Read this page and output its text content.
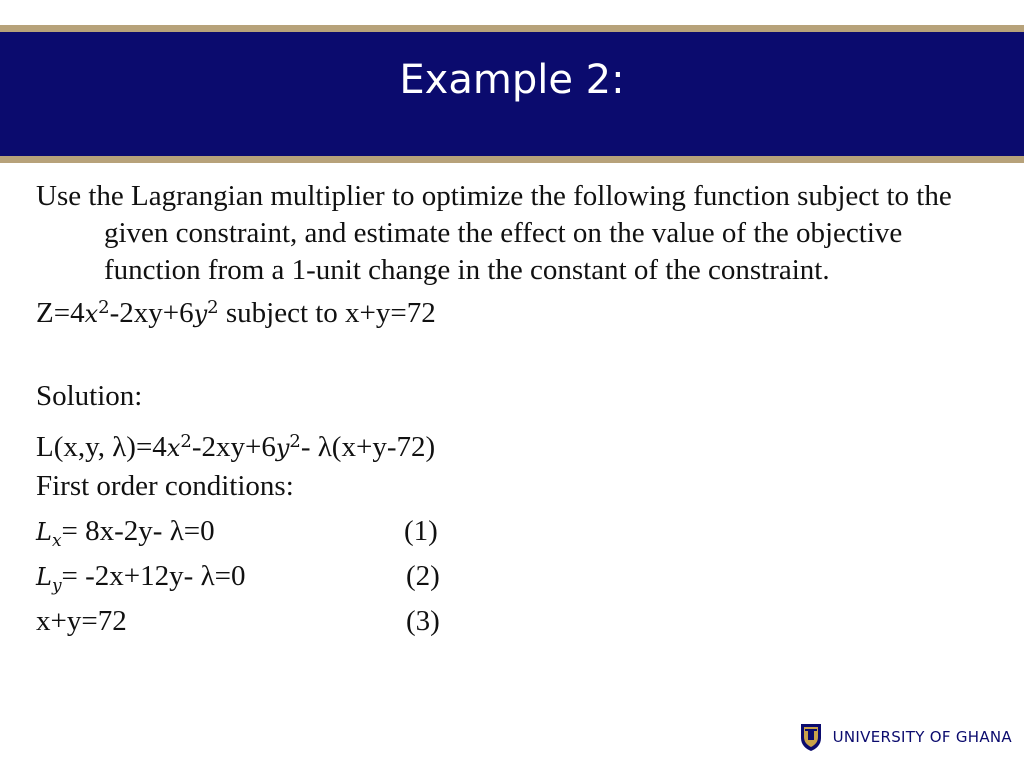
Example 2:

Use the Lagrangian multiplier to optimize the following function subject to the given constraint, and estimate the effect on the value of the objective function from a 1-unit change in the constant of the constraint.

$Z=4x^2-2xy+6y^2$ subject to x+y=72
Solution:
L(x,y, $\lambda)=4x^2-2xy+6y^2-$ λ(x+y-72)
First order conditions:
$L_x= 8x-2y-$ λ=0	(1)
$L_y= -2x+12y-$ λ=0	(2)
x+y=72	(3)
UNIVERSITY OF GHANA
